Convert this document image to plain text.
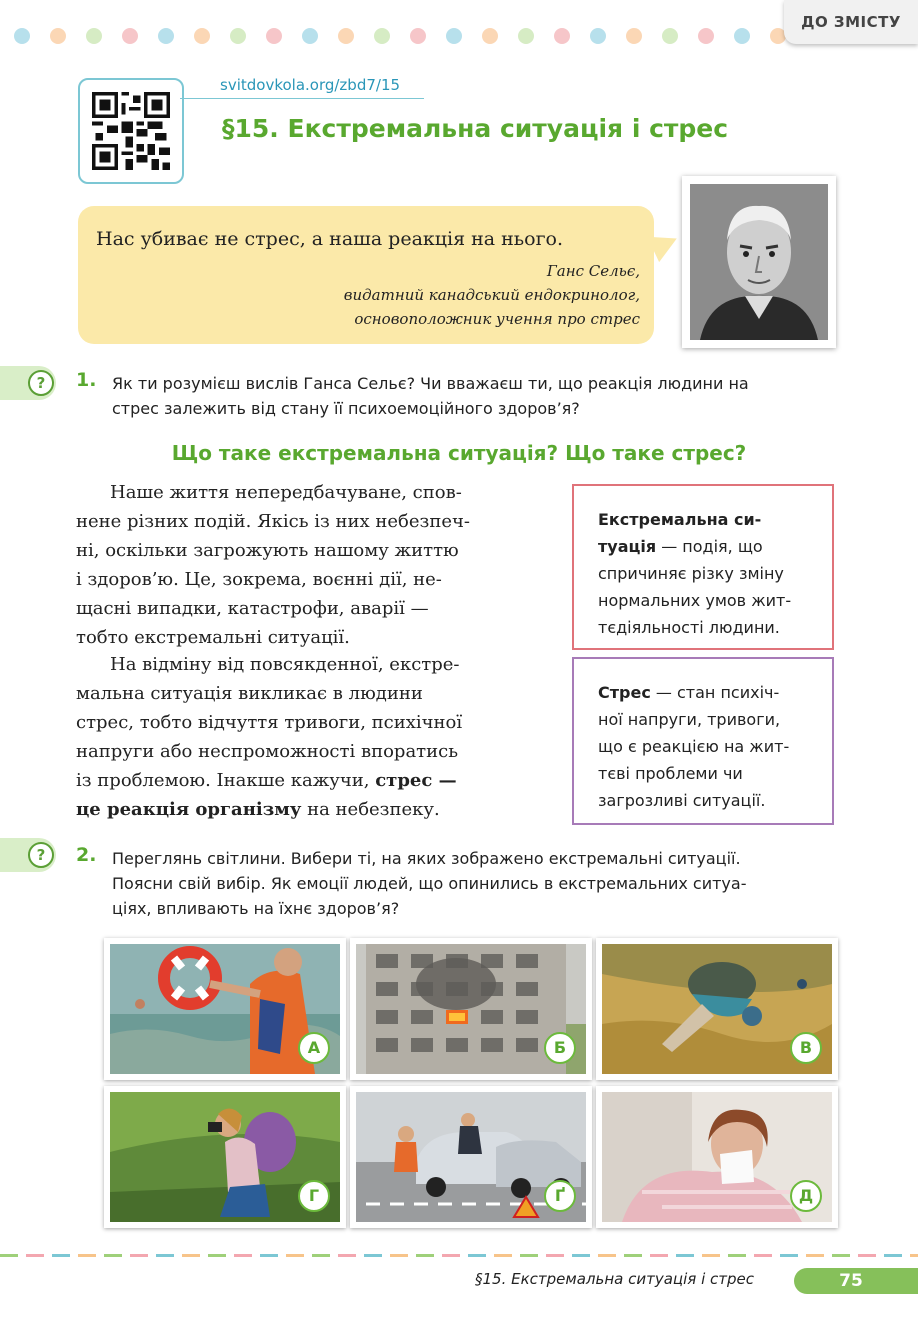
ДО ЗМІСТУ
svitdovkola.org/zbd7/15
§15. Екстремальна ситуація і стрес
Нас убиває не стрес, а наша реакція на нього.
Ганс Сельє,
видатний канадський ендокринолог,
основоположник учення про стрес
?	1. Як ти розумієш вислів Ганса Сельє? Чи вважаєш ти, що реакція людини на
стрес залежить від стану її психоемоційного здоров’я?
Що таке екстремальна ситуація? Що таке стрес?
Наше життя непередбачуване, спов-
нене різних подій. Якісь із них небезпеч-
ні, оскільки загрожують нашому життю
і здоров’ю. Це, зокрема, воєнні дії, не-
щасні випадки, катастрофи, аварії —
тобто екстремальні ситуації.
На відміну від повсякденної, екстре-
мальна ситуація викликає в людини
стрес, тобто відчуття тривоги, психічної
напруги або неспроможності впоратись
із проблемою. Інакше кажучи, стрес —
це реакція організму на небезпеку.
Екстремальна си-
туація — подія, що
спричиняє різку зміну
нормальних умов жит-
тєдіяльності людини.
Стрес — стан психіч-
ної напруги, тривоги,
що є реакцією на жит-
тєві проблеми чи
загрозливі ситуації.
?	2. Переглянь світлини. Вибери ті, на яких зображено екстремальні ситуації.
Поясни свій вибір. Як емоції людей, що опинились в екстремальних ситуа-
ціях, впливають на їхнє здоров’я?
А	Б	В
Г	Ґ	Д
§15. Екстремальна ситуація і стрес	75
